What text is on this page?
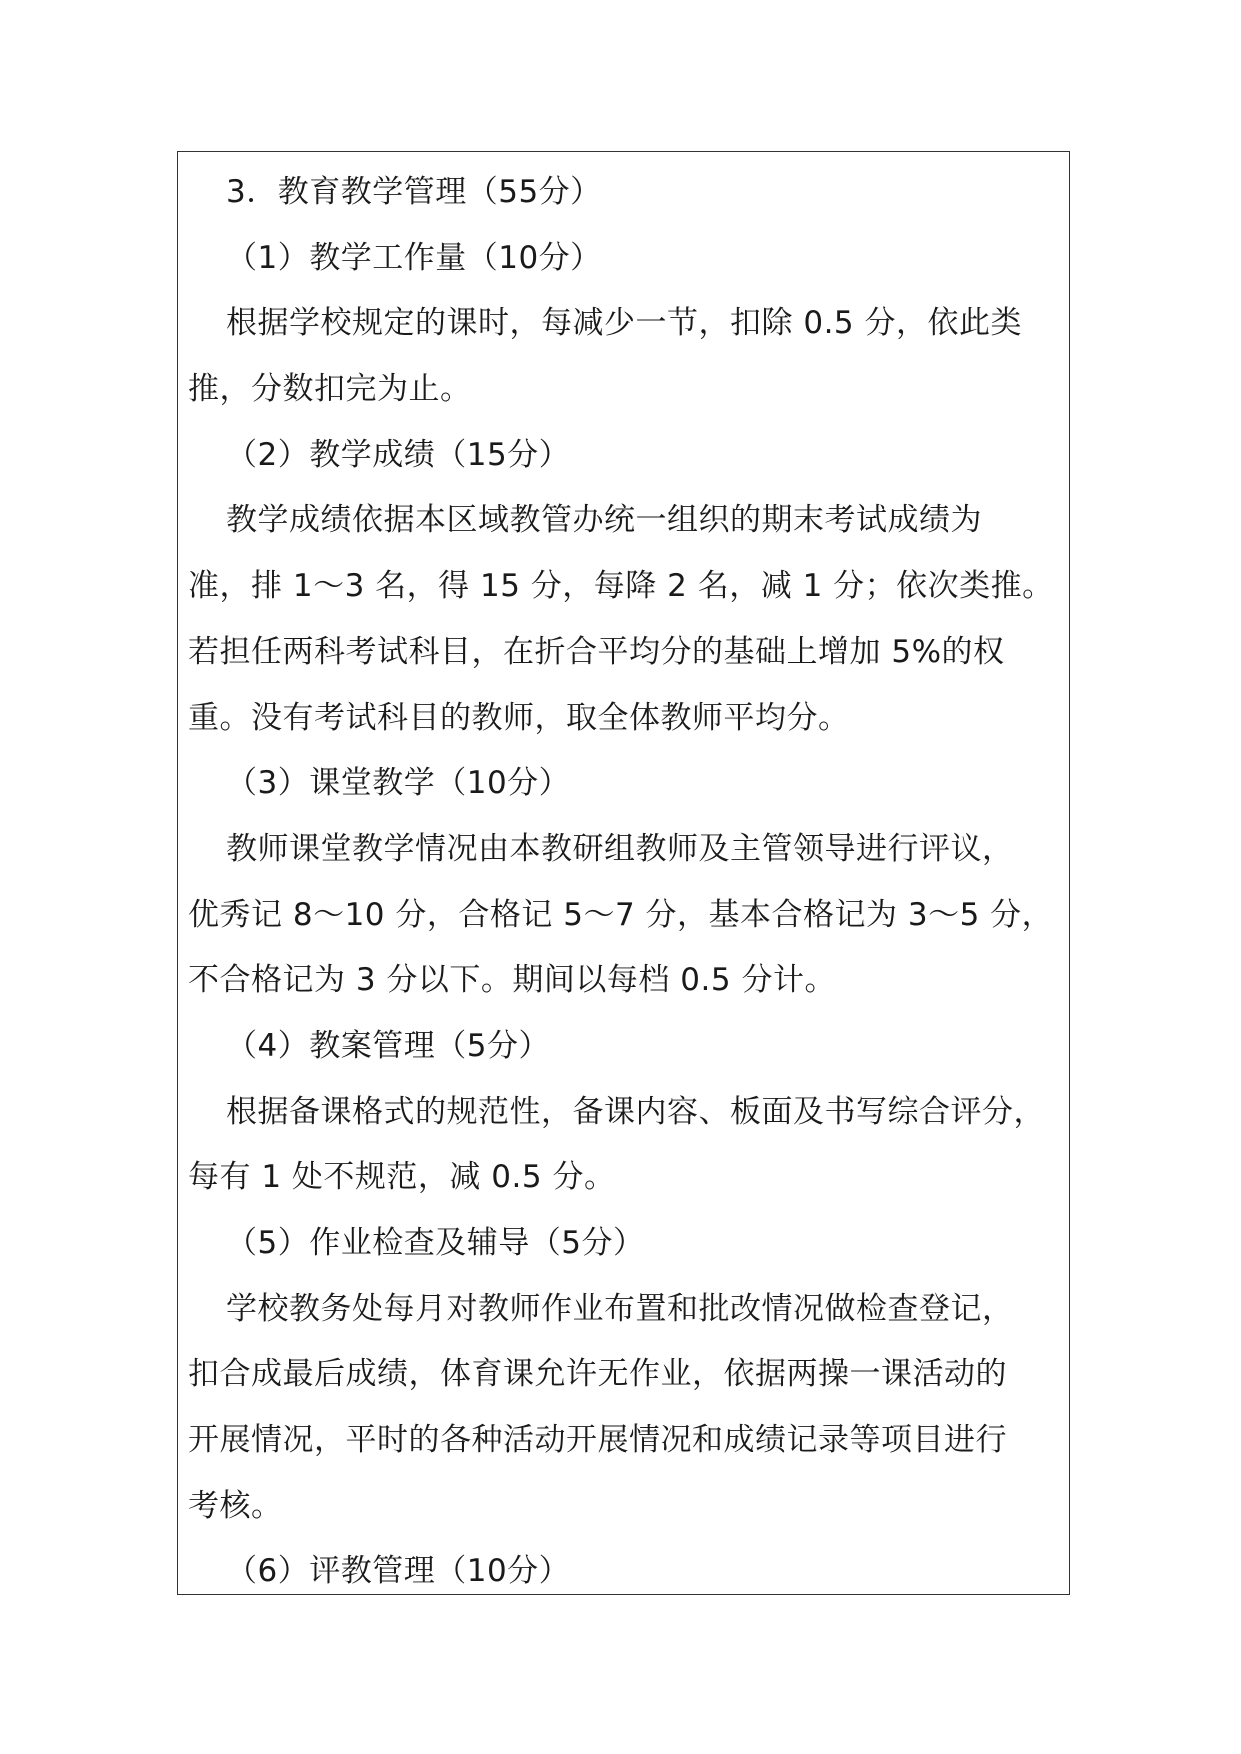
3．教育教学管理（55分）
（1）教学工作量（10分）
根据学校规定的课时，每减少一节，扣除 0.5 分，依此类
推，分数扣完为止。
（2）教学成绩（15分）
教学成绩依据本区域教管办统一组织的期末考试成绩为
准，排 1～3 名，得 15 分，每降 2 名，减 1 分；依次类推。
若担任两科考试科目，在折合平均分的基础上增加 5%的权
重。没有考试科目的教师，取全体教师平均分。
（3）课堂教学（10分）
教师课堂教学情况由本教研组教师及主管领导进行评议，
优秀记 8～10 分，合格记 5～7 分，基本合格记为 3～5 分，
不合格记为 3 分以下。期间以每档 0.5 分计。
（4）教案管理（5分）
根据备课格式的规范性，备课内容、板面及书写综合评分，
每有 1 处不规范，减 0.5 分。
（5）作业检查及辅导（5分）
学校教务处每月对教师作业布置和批改情况做检查登记，
扣合成最后成绩，体育课允许无作业，依据两操一课活动的
开展情况，平时的各种活动开展情况和成绩记录等项目进行
考核。
（6）评教管理（10分）
